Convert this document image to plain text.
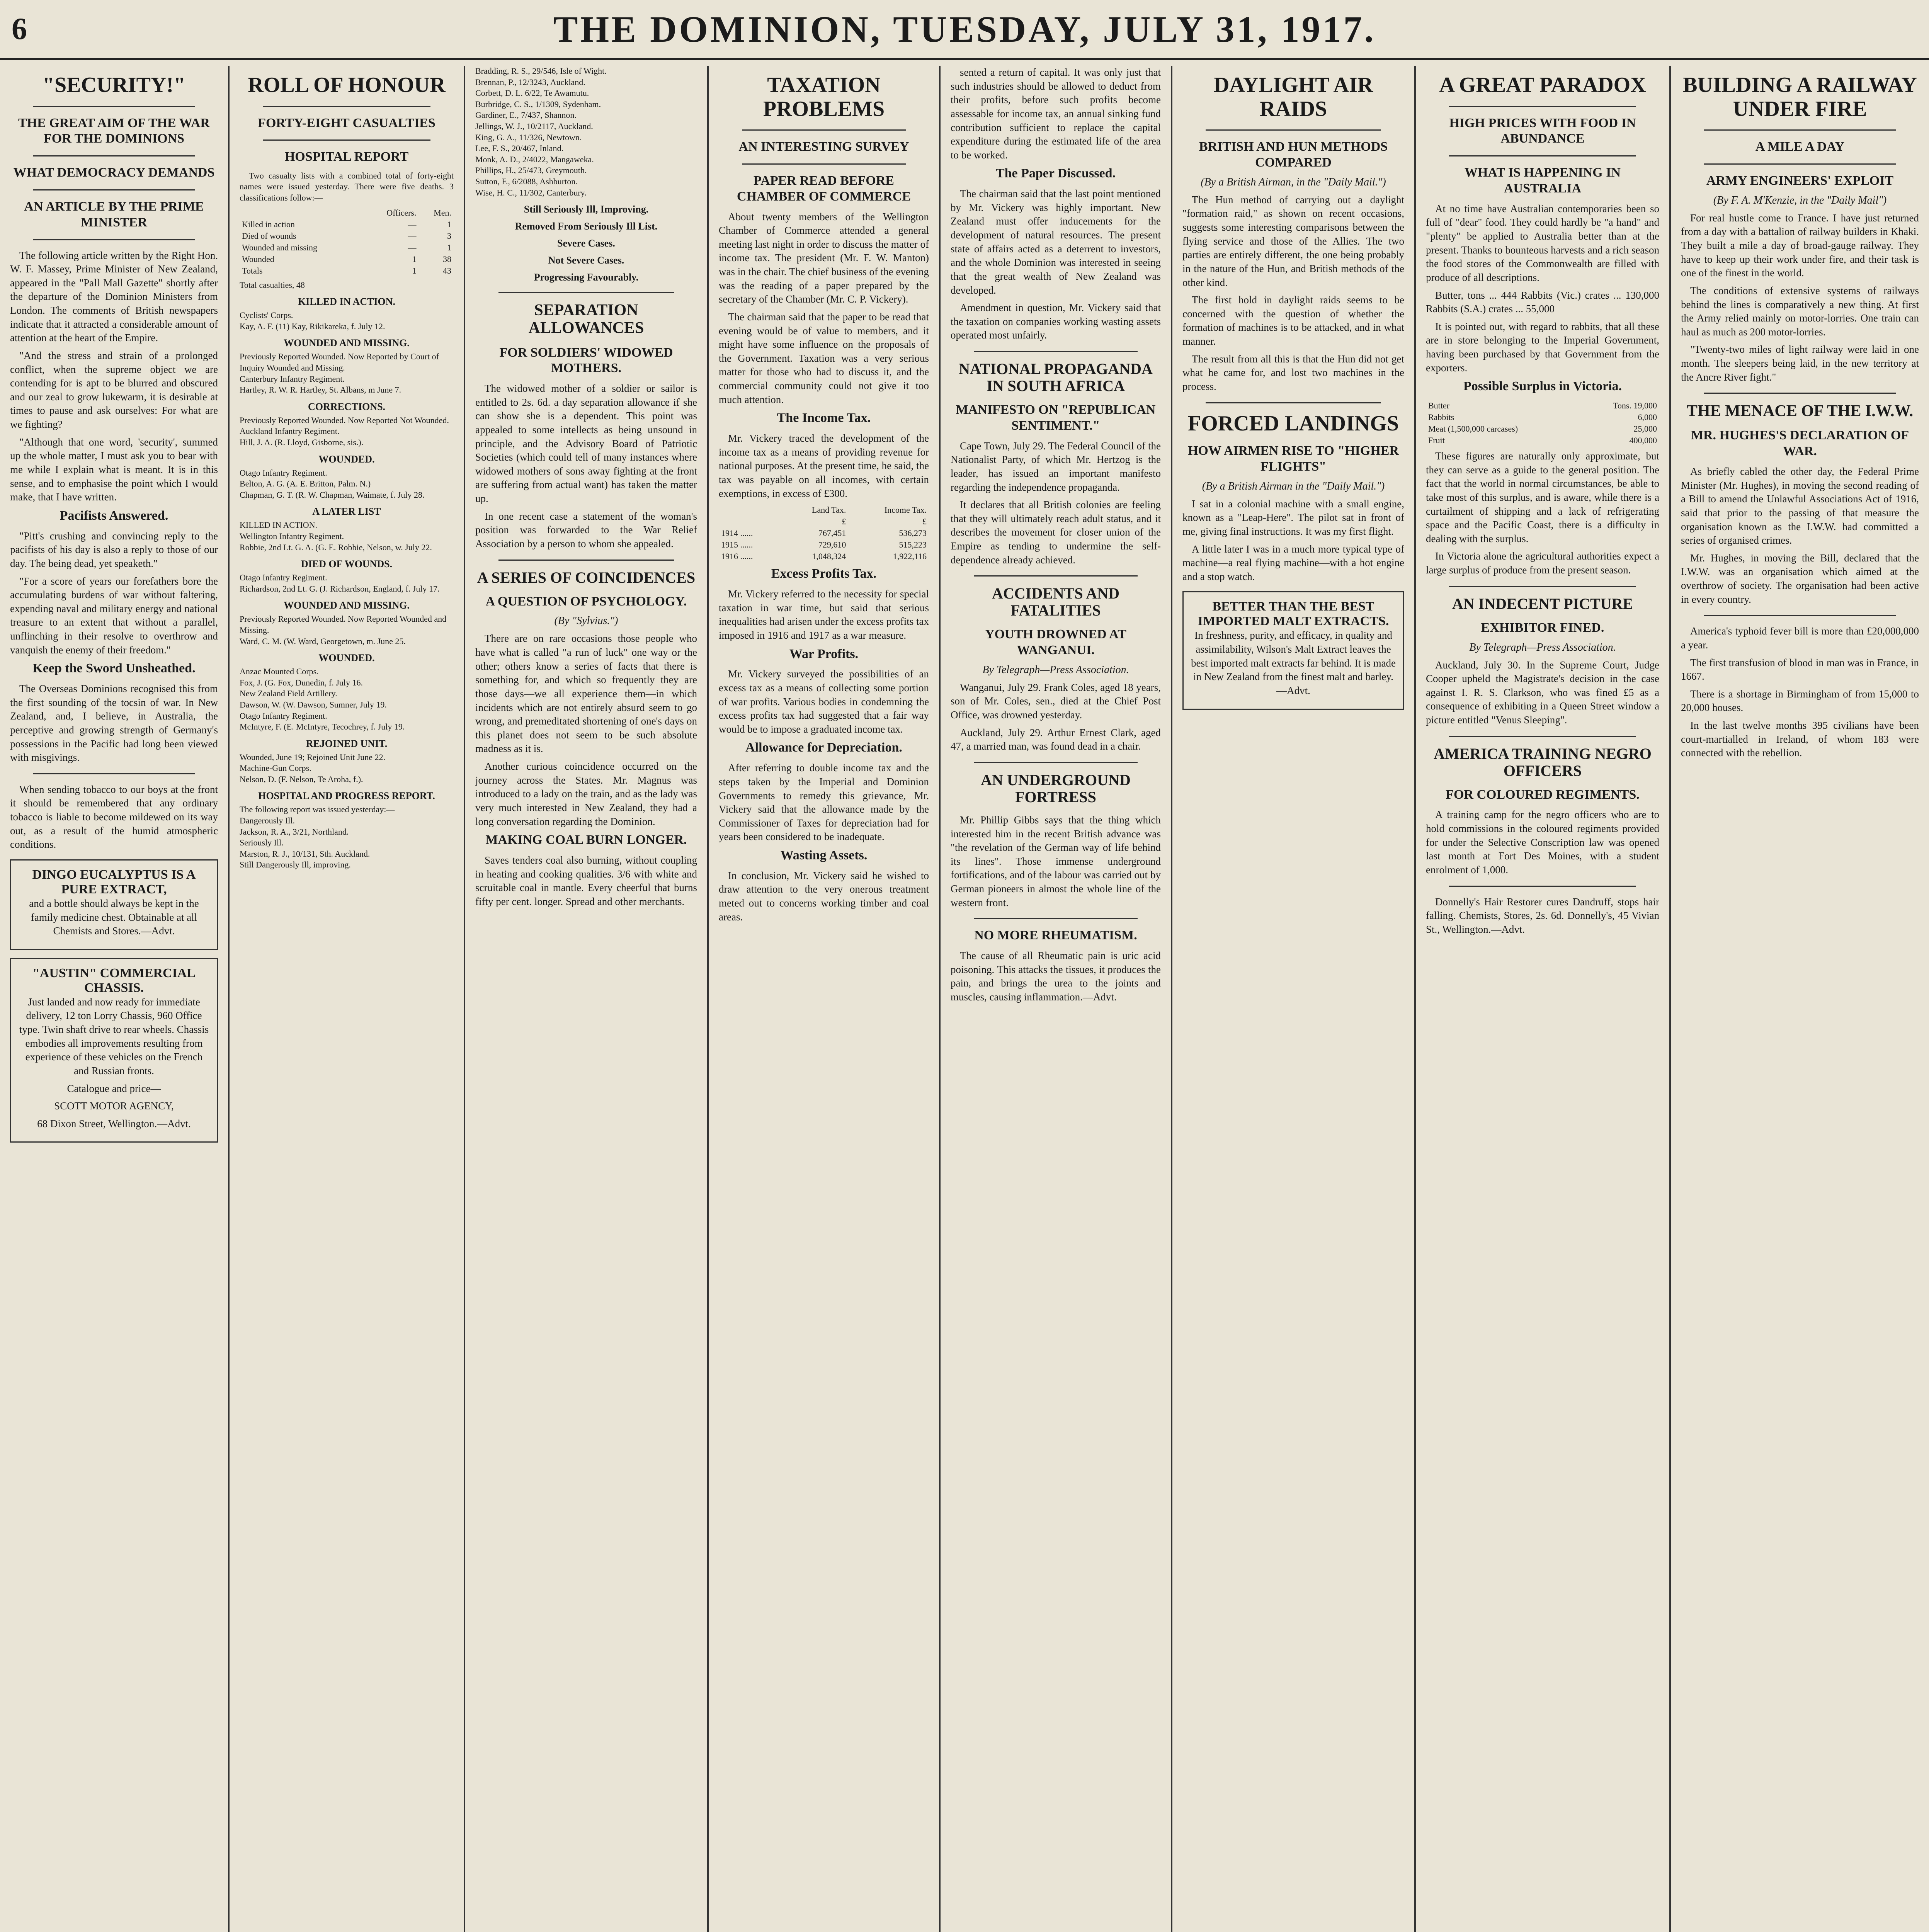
6	THE DOMINION, TUESDAY, JULY 31, 1917.
"SECURITY!"
THE GREAT AIM OF THE WAR FOR THE DOMINIONS
WHAT DEMOCRACY DEMANDS
AN ARTICLE BY THE PRIME MINISTER

The following article written by the Right Hon. W. F. Massey, Prime Minister of New Zealand, appeared in the "Pall Mall Gazette" shortly after the departure of the Dominion Ministers from London. The comments of British newspapers indicate that it attracted a considerable amount of attention at the heart of the Empire.

"And the stress and strain of a prolonged conflict, when the supreme object we are contending for is apt to be blurred and obscured and our zeal to grow lukewarm, it is desirable at times to pause and ask ourselves: For what are we fighting?

"Although that one word, 'security', summed up the whole matter, I must ask you to bear with me while I explain what is meant. It is in this sense, and to emphasise the point which I would make, that I have written.

Pacifists Answered.

"Pitt's crushing and convincing reply to the pacifists of his day is also a reply to those of our day. The being dead, yet speaketh."

"For a score of years our forefathers bore the accumulating burdens of war without faltering, expending naval and military energy and national treasure to an extent that without a parallel, unflinching in their resolve to overthrow and vanquish the enemy of their freedom."

Keep the Sword Unsheathed.

The Overseas Dominions recognised this from the first sounding of the tocsin of war. In New Zealand, and, I believe, in Australia, the perceptive and growing strength of Germany's possessions in the Pacific had long been viewed with misgivings.

When sending tobacco to our boys at the front it should be remembered that any ordinary tobacco is liable to become mildewed on its way out, as a result of the humid atmospheric conditions.

DINGO EUCALYPTUS IS A PURE EXTRACT,

and a bottle should always be kept in the family medicine chest. Obtainable at all Chemists and Stores.—Advt.

"AUSTIN" COMMERCIAL CHASSIS.

Just landed and now ready for immediate delivery, 12 ton Lorry Chassis, 960 Office type. Twin shaft drive to rear wheels. Chassis embodies all improvements resulting from experience of these vehicles on the French and Russian fronts.

Catalogue and price—

SCOTT MOTOR AGENCY,

68 Dixon Street, Wellington.—Advt.

ROLL OF HONOUR
FORTY-EIGHT CASUALTIES
HOSPITAL REPORT

Two casualty lists with a combined total of forty-eight names were issued yesterday. There were five deaths. 3 classifications follow:—

	Officers.	Men.
Killed in action	—	1
Died of wounds	—	3
Wounded and missing	—	1
Wounded	1	38
Totals	1	43
Total casualties, 48
KILLED IN ACTION.
Cyclists' Corps.
Kay, A. F. (11) Kay, Rikikareka, f. July 12.
WOUNDED AND MISSING.
Previously Reported Wounded. Now Reported by Court of Inquiry Wounded and Missing.
Canterbury Infantry Regiment.
Hartley, R. W. R. Hartley, St. Albans, m June 7.
CORRECTIONS.
Previously Reported Wounded. Now Reported Not Wounded.
Auckland Infantry Regiment.
Hill, J. A. (R. Lloyd, Gisborne, sis.).
WOUNDED.
Otago Infantry Regiment.
Belton, A. G. (A. E. Britton, Palm. N.)
Chapman, G. T. (R. W. Chapman, Waimate, f. July 28.
A LATER LIST
KILLED IN ACTION.
Wellington Infantry Regiment.
Robbie, 2nd Lt. G. A. (G. E. Robbie, Nelson, w. July 22.
DIED OF WOUNDS.
Otago Infantry Regiment.
Richardson, 2nd Lt. G. (J. Richardson, England, f. July 17.
WOUNDED AND MISSING.
Previously Reported Wounded. Now Reported Wounded and Missing.
Ward, C. M. (W. Ward, Georgetown, m. June 25.
WOUNDED.
Anzac Mounted Corps.
Fox, J. (G. Fox, Dunedin, f. July 16.
New Zealand Field Artillery.
Dawson, W. (W. Dawson, Sumner, July 19.
Otago Infantry Regiment.
McIntyre, F. (E. McIntyre, Tecochrey, f. July 19.
REJOINED UNIT.
Wounded, June 19; Rejoined Unit June 22.
Machine-Gun Corps.
Nelson, D. (F. Nelson, Te Aroha, f.).
HOSPITAL AND PROGRESS REPORT.
The following report was issued yesterday:—
Dangerously Ill.
Jackson, R. A., 3/21, Northland.
Seriously Ill.
Marston, R. J., 10/131, Sth. Auckland.
Still Dangerously Ill, improving.
Bradding, R. S., 29/546, Isle of Wight.
Brennan, P., 12/3243, Auckland.
Corbett, D. L. 6/22, Te Awamutu.
Burbridge, C. S., 1/1309, Sydenham.
Gardiner, E., 7/437, Shannon.
Jellings, W. J., 10/2117, Auckland.
King, G. A., 11/326, Newtown.
Lee, F. S., 20/467, Inland.
Monk, A. D., 2/4022, Mangaweka.
Phillips, H., 25/473, Greymouth.
Sutton, F., 6/2088, Ashburton.
Wise, H. C., 11/302, Canterbury.
Still Seriously Ill, Improving.
Removed From Seriously Ill List.
Severe Cases.
Not Severe Cases.
Progressing Favourably.
SEPARATION ALLOWANCES
FOR SOLDIERS' WIDOWED MOTHERS.

The widowed mother of a soldier or sailor is entitled to 2s. 6d. a day separation allowance if she can show she is a dependent. This point was appealed to some intellects as being unsound in principle, and the Advisory Board of Patriotic Societies (which could tell of many instances where widowed mothers of sons away fighting at the front are suffering from actual want) has taken the matter up.

In one recent case a statement of the woman's position was forwarded to the War Relief Association by a person to whom she appealed.

A SERIES OF COINCIDENCES
A QUESTION OF PSYCHOLOGY.
(By "Sylvius.")

There are on rare occasions those people who have what is called "a run of luck" one way or the other; others know a series of facts that there is something for, and which so frequently they are those days—we all experience them—in which incidents which are not entirely absurd seem to go wrong, and premeditated shortening of one's days on this planet does not seem to be such absolute madness as it is.

Another curious coincidence occurred on the journey across the States. Mr. Magnus was introduced to a lady on the train, and as the lady was very much interested in New Zealand, they had a long conversation regarding the Dominion.

MAKING COAL BURN LONGER.

Saves tenders coal also burning, without coupling in heating and cooking qualities. 3/6 with white and scruitable coal in mantle. Every cheerful that burns fifty per cent. longer. Spread and other merchants.

TAXATION PROBLEMS
AN INTERESTING SURVEY
PAPER READ BEFORE CHAMBER OF COMMERCE

About twenty members of the Wellington Chamber of Commerce attended a general meeting last night in order to discuss the matter of income tax. The president (Mr. F. W. Manton) was in the chair. The chief business of the evening was the reading of a paper prepared by the secretary of the Chamber (Mr. C. P. Vickery).

The chairman said that the paper to be read that evening would be of value to members, and it might have some influence on the proposals of the Government. Taxation was a very serious matter for those who had to discuss it, and the commercial community could not give it too much attention.

The Income Tax.

Mr. Vickery traced the development of the income tax as a means of providing revenue for national purposes. At the present time, he said, the tax was payable on all incomes, with certain exemptions, in excess of £300.

	Land Tax.	Income Tax.
	£	£
1914 ......	767,451	536,273
1915 ......	729,610	515,223
1916 ......	1,048,324	1,922,116
Excess Profits Tax.

Mr. Vickery referred to the necessity for special taxation in war time, but said that serious inequalities had arisen under the excess profits tax imposed in 1916 and 1917 as a war measure.

War Profits.

Mr. Vickery surveyed the possibilities of an excess tax as a means of collecting some portion of war profits. Various bodies in condemning the excess profits tax had suggested that a fair way would be to impose a graduated income tax.

Allowance for Depreciation.

After referring to double income tax and the steps taken by the Imperial and Dominion Governments to remedy this grievance, Mr. Vickery said that the allowance made by the Commissioner of Taxes for depreciation had for years been considered to be inadequate.

Wasting Assets.

In conclusion, Mr. Vickery said he wished to draw attention to the very onerous treatment meted out to concerns working timber and coal areas.

sented a return of capital. It was only just that such industries should be allowed to deduct from their profits, before such profits become assessable for income tax, an annual sinking fund contribution sufficient to replace the capital expenditure during the estimated life of the area to be worked.

The Paper Discussed.

The chairman said that the last point mentioned by Mr. Vickery was highly important. New Zealand must offer inducements for the development of natural resources. The present state of affairs acted as a deterrent to investors, and the whole Dominion was interested in seeing that the great wealth of New Zealand was developed.

Amendment in question, Mr. Vickery said that the taxation on companies working wasting assets operated most unfairly.

NATIONAL PROPAGANDA IN SOUTH AFRICA
MANIFESTO ON "REPUBLICAN SENTIMENT."

Cape Town, July 29. The Federal Council of the Nationalist Party, of which Mr. Hertzog is the leader, has issued an important manifesto regarding the independence propaganda.

It declares that all British colonies are feeling that they will ultimately reach adult status, and it describes the movement for closer union of the Empire as tending to undermine the self-dependence already achieved.

ACCIDENTS AND FATALITIES
YOUTH DROWNED AT WANGANUI.
By Telegraph—Press Association.

Wanganui, July 29. Frank Coles, aged 18 years, son of Mr. Coles, sen., died at the Chief Post Office, was drowned yesterday.

Auckland, July 29. Arthur Ernest Clark, aged 47, a married man, was found dead in a chair.

AN UNDERGROUND FORTRESS

Mr. Phillip Gibbs says that the thing which interested him in the recent British advance was "the revelation of the German way of life behind its lines". Those immense underground fortifications, and of the labour was carried out by German pioneers in almost the whole line of the western front.

NO MORE RHEUMATISM.

The cause of all Rheumatic pain is uric acid poisoning. This attacks the tissues, it produces the pain, and brings the urea to the joints and muscles, causing inflammation.—Advt.

DAYLIGHT AIR RAIDS
BRITISH AND HUN METHODS COMPARED
(By a British Airman, in the "Daily Mail.")

The Hun method of carrying out a daylight "formation raid," as shown on recent occasions, suggests some interesting comparisons between the flying service and those of the Allies. The two parties are entirely different, the one being probably in the nature of the Hun, and British methods of the other kind.

The first hold in daylight raids seems to be concerned with the question of whether the formation of machines is to be attacked, and in what manner.

The result from all this is that the Hun did not get what he came for, and lost two machines in the process.

FORCED LANDINGS
HOW AIRMEN RISE TO "HIGHER FLIGHTS"
(By a British Airman in the "Daily Mail.")

I sat in a colonial machine with a small engine, known as a "Leap-Here". The pilot sat in front of me, giving final instructions. It was my first flight.

A little later I was in a much more typical type of machine—a real flying machine—with a hot engine and a stop watch.

BETTER THAN THE BEST IMPORTED MALT EXTRACTS.

In freshness, purity, and efficacy, in quality and assimilability, Wilson's Malt Extract leaves the best imported malt extracts far behind. It is made in New Zealand from the finest malt and barley.—Advt.

A GREAT PARADOX
HIGH PRICES WITH FOOD IN ABUNDANCE
WHAT IS HAPPENING IN AUSTRALIA

At no time have Australian contemporaries been so full of "dear" food. They could hardly be "a hand" and "plenty" be applied to Australia better than at the present. Thanks to bounteous harvests and a rich season the food stores of the Commonwealth are filled with produce of all descriptions.

Butter, tons ... 444 Rabbits (Vic.) crates ... 130,000 Rabbits (S.A.) crates ... 55,000

It is pointed out, with regard to rabbits, that all these are in store belonging to the Imperial Government, having been purchased by that Government from the exporters.

Possible Surplus in Victoria.
Butter	Tons. 19,000
Rabbits	6,000
Meat (1,500,000 carcases)	25,000
Fruit	400,000

These figures are naturally only approximate, but they can serve as a guide to the general position. The fact that the world in normal circumstances, be able to take most of this surplus, and is aware, while there is a curtailment of shipping and a lack of refrigerating space and the Pacific Coast, there is a difficulty in dealing with the surplus.

In Victoria alone the agricultural authorities expect a large surplus of produce from the present season.

AN INDECENT PICTURE
EXHIBITOR FINED.
By Telegraph—Press Association.

Auckland, July 30. In the Supreme Court, Judge Cooper upheld the Magistrate's decision in the case against I. R. S. Clarkson, who was fined £5 as a consequence of exhibiting in a Queen Street window a picture entitled "Venus Sleeping".

AMERICA TRAINING NEGRO OFFICERS
FOR COLOURED REGIMENTS.

A training camp for the negro officers who are to hold commissions in the coloured regiments provided for under the Selective Conscription law was opened last month at Fort Des Moines, with a student enrolment of 1,000.

Donnelly's Hair Restorer cures Dandruff, stops hair falling. Chemists, Stores, 2s. 6d. Donnelly's, 45 Vivian St., Wellington.—Advt.

BUILDING A RAILWAY UNDER FIRE
A MILE A DAY
ARMY ENGINEERS' EXPLOIT
(By F. A. M'Kenzie, in the "Daily Mail")

For real hustle come to France. I have just returned from a day with a battalion of railway builders in Khaki. They built a mile a day of broad-gauge railway. They have to keep up their work under fire, and their task is one of the finest in the world.

The conditions of extensive systems of railways behind the lines is comparatively a new thing. At first the Army relied mainly on motor-lorries. One train can haul as much as 200 motor-lorries.

"Twenty-two miles of light railway were laid in one month. The sleepers being laid, in the new territory at the Ancre River fight."

THE MENACE OF THE I.W.W.
MR. HUGHES'S DECLARATION OF WAR.

As briefly cabled the other day, the Federal Prime Minister (Mr. Hughes), in moving the second reading of a Bill to amend the Unlawful Associations Act of 1916, said that prior to the passing of that measure the organisation known as the I.W.W. had committed a series of organised crimes.

Mr. Hughes, in moving the Bill, declared that the I.W.W. was an organisation which aimed at the overthrow of society. The organisation had been active in every country.

America's typhoid fever bill is more than £20,000,000 a year.

The first transfusion of blood in man was in France, in 1667.

There is a shortage in Birmingham of from 15,000 to 20,000 houses.

In the last twelve months 395 civilians have been court-martialled in Ireland, of whom 183 were connected with the rebellion.
